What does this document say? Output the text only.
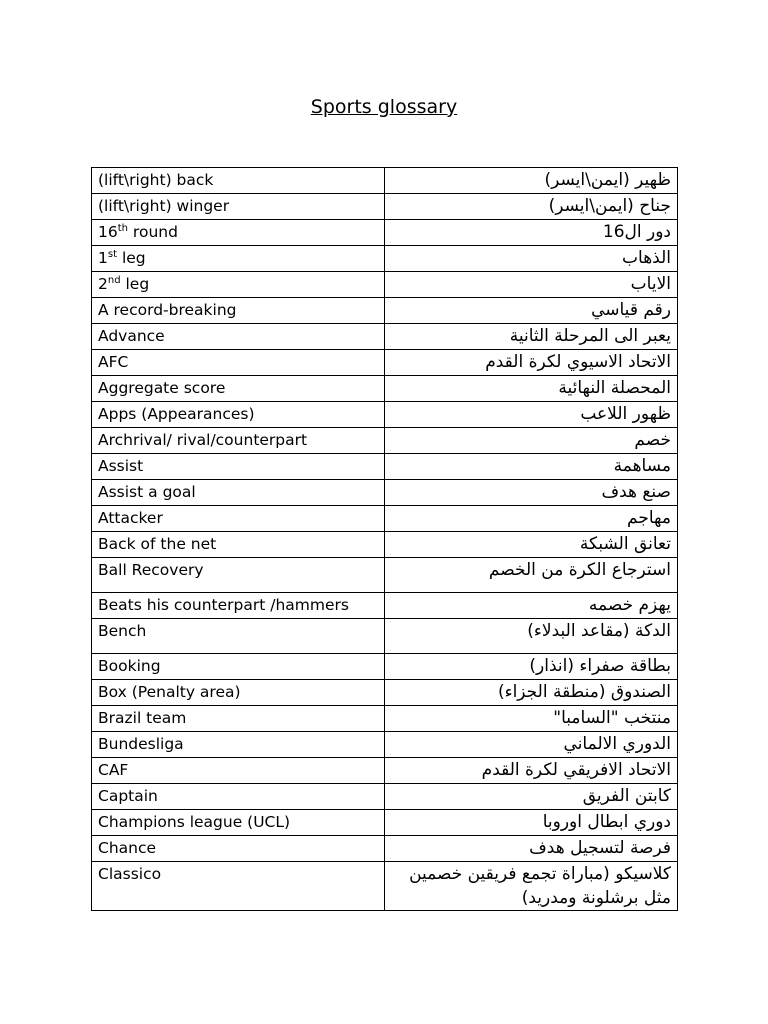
Sports glossary
(lift\right) back	ظهير (ايمن\ايسر)
(lift\right) winger	جناح (ايمن\ايسر)
16th round	دور ال16
1st leg	الذهاب
2nd leg	الاياب
A record-breaking	رقم قياسي
Advance	يعبر الى المرحلة الثانية
AFC	الاتحاد الاسيوي لكرة القدم
Aggregate score	المحصلة النهائية
Apps (Appearances)	ظهور اللاعب
Archrival/ rival/counterpart	خصم
Assist	مساهمة
Assist a goal	صنع هدف
Attacker	مهاجم
Back of the net	تعانق الشبكة
Ball Recovery	استرجاع الكرة من الخصم
Beats his counterpart /hammers	يهزم خصمه
Bench	الدكة (مقاعد البدلاء)
Booking	بطاقة صفراء (انذار)
Box (Penalty area)	الصندوق (منطقة الجزاء)
Brazil team	منتخب "السامبا"
Bundesliga	الدوري الالماني
CAF	الاتحاد الافريقي لكرة القدم
Captain	كابتن الفريق
Champions league (UCL)	دوري ابطال اوروبا
Chance	فرصة لتسجيل هدف
Classico	كلاسيكو (مباراة تجمع فريقين خصمين مثل برشلونة ومدريد)
